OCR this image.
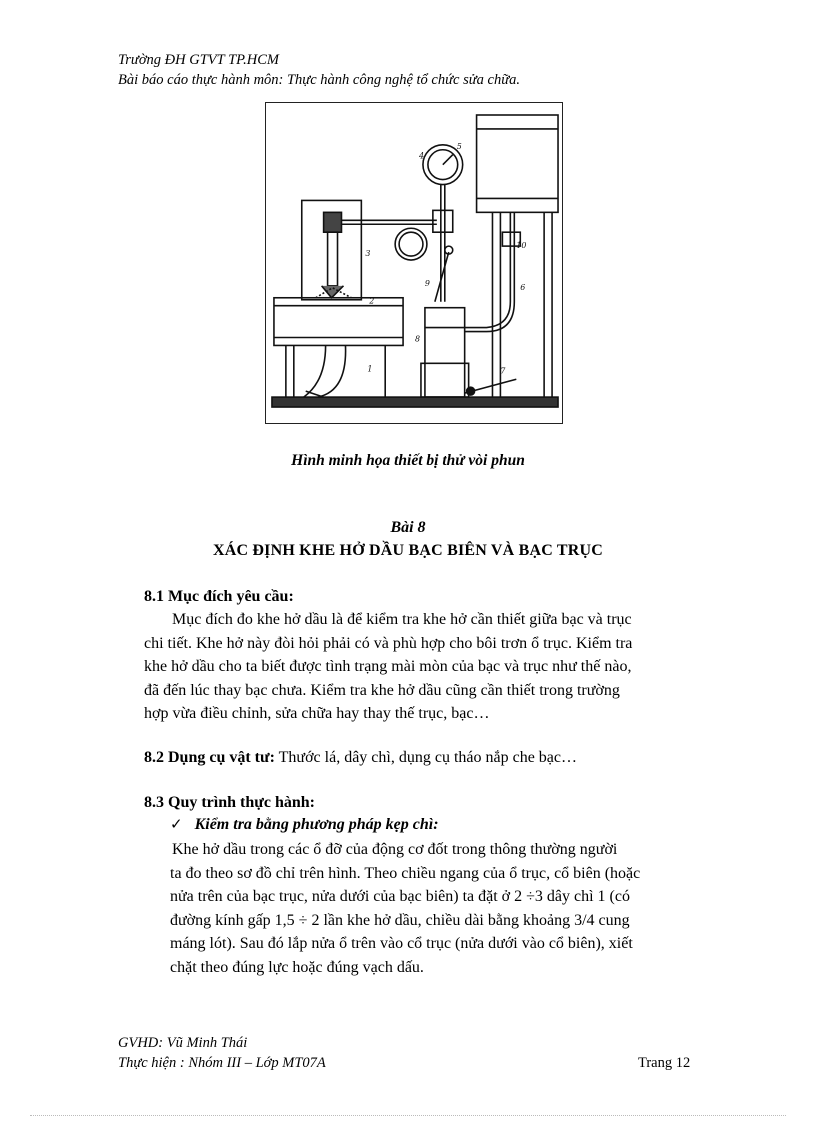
Trường ĐH GTVT TP.HCM
Bài báo cáo thực hành môn: Thực hành công nghệ tổ chức sửa chữa.
1
2
3
4
5
6
7
8
9
10
Hình minh họa thiết bị thử vòi phun
Bài 8
XÁC ĐỊNH KHE HỞ DẦU BẠC BIÊN VÀ BẠC TRỤC
8.1 Mục đích yêu cầu:
Mục đích đo khe hở dầu là để kiểm tra khe hở cần thiết giữa bạc và trục
chi tiết. Khe hở này đòi hỏi phải có và phù hợp cho bôi trơn ổ trục. Kiểm tra
khe hở dầu cho ta biết được tình trạng mài mòn của bạc và trục như thế nào,
đã đến lúc thay bạc chưa. Kiểm tra khe hở dầu cũng cần thiết trong trường
hợp vừa điều chỉnh, sửa chữa hay thay thế trục, bạc…
8.2 Dụng cụ vật tư: Thước lá, dây chì, dụng cụ tháo nắp che bạc…
8.3 Quy trình thực hành:
✓ Kiểm tra bằng phương pháp kẹp chì:
Khe hở dầu trong các ổ đỡ của động cơ đốt trong thông thường người
ta đo theo sơ đồ chỉ trên hình. Theo chiều ngang của ổ trục, cổ biên (hoặc
nửa trên của bạc trục, nửa dưới của bạc biên) ta đặt ở 2 ÷3 dây chì 1 (có
đường kính gấp 1,5 ÷ 2 lần khe hở dầu, chiều dài bằng khoảng 3/4 cung
máng lót). Sau đó lắp nửa ổ trên vào cổ trục (nửa dưới vào cổ biên), xiết
chặt theo đúng lực hoặc đúng vạch dấu.
GVHD: Vũ Minh Thái
Thực hiện : Nhóm III – Lớp MT07A	Trang 12
